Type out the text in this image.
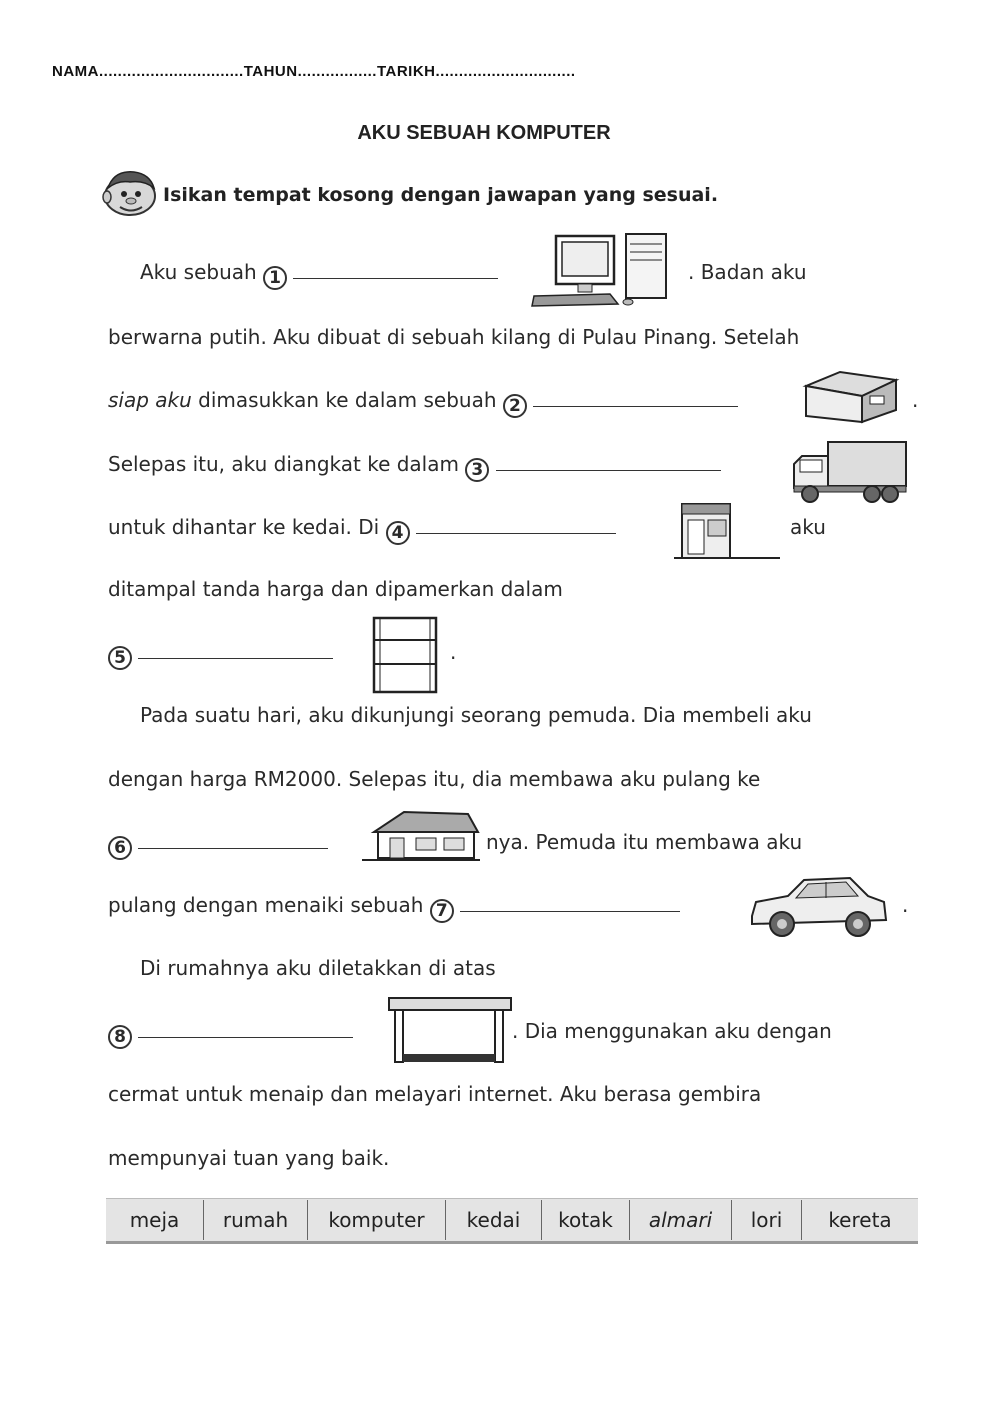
NAMA...............................TAHUN.................TARIKH..............................
AKU SEBUAH KOMPUTER
Isikan tempat kosong dengan jawapan yang sesuai.
Aku sebuah 1	. Badan aku
berwarna putih. Aku dibuat di sebuah kilang di Pulau Pinang. Setelah
siap aku dimasukkan ke dalam sebuah 2	.
Selepas itu, aku diangkat ke dalam 3
untuk dihantar ke kedai. Di 4	aku
ditampal tanda harga dan dipamerkan dalam
5	.
Pada suatu hari, aku dikunjungi seorang pemuda. Dia membeli aku
dengan harga RM2000. Selepas itu, dia membawa aku pulang ke
6	nya. Pemuda itu membawa aku
pulang dengan menaiki sebuah 7	.
Di rumahnya aku diletakkan di atas
8	. Dia menggunakan aku dengan
cermat untuk menaip dan melayari internet. Aku berasa gembira
mempunyai tuan yang baik.
meja	rumah	komputer	kedai	kotak	almari	lori	kereta
